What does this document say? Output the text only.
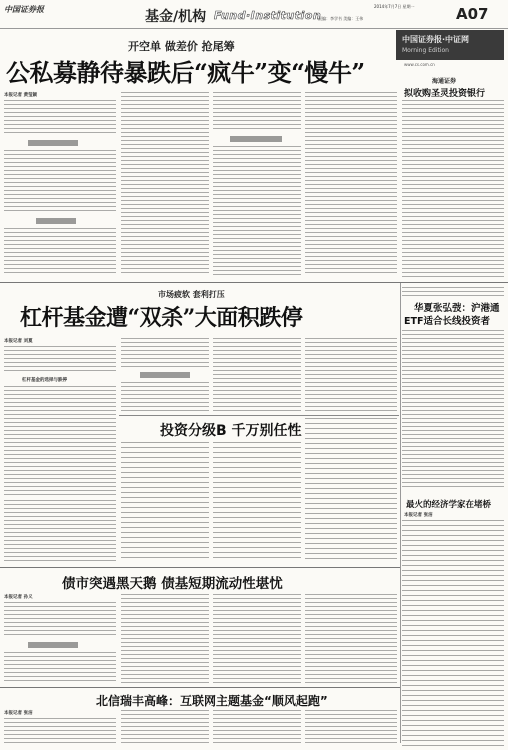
中国证券报	基金/机构 Fund·Institution
2014年7月7日 星期一
责编：李学书 美编：王伟	A07
开空单 做差价 抢尾筹
公私募静待暴跌后“疯牛”变“慢牛”
中国证券报·中证网
Morning Edition
www.cs.com.cn
本报记者 黄莹颖
海通证券
拟收购圣灵投资银行
市场疲软 套利打压
杠杆基金遭“双杀”大面积跌停
本报记者 刘夏
杠杆基金的选择与跌停
投资分级B 千万别任性
华夏张弘弢：沪港通
ETF适合长线投资者
最火的经济学家在堵桥
本报记者 张洁
债市突遇黑天鹅 债基短期流动性堪忧
本报记者 孙义
北信瑞丰高峰：互联网主题基金“顺风起跑”
本报记者 张洁
